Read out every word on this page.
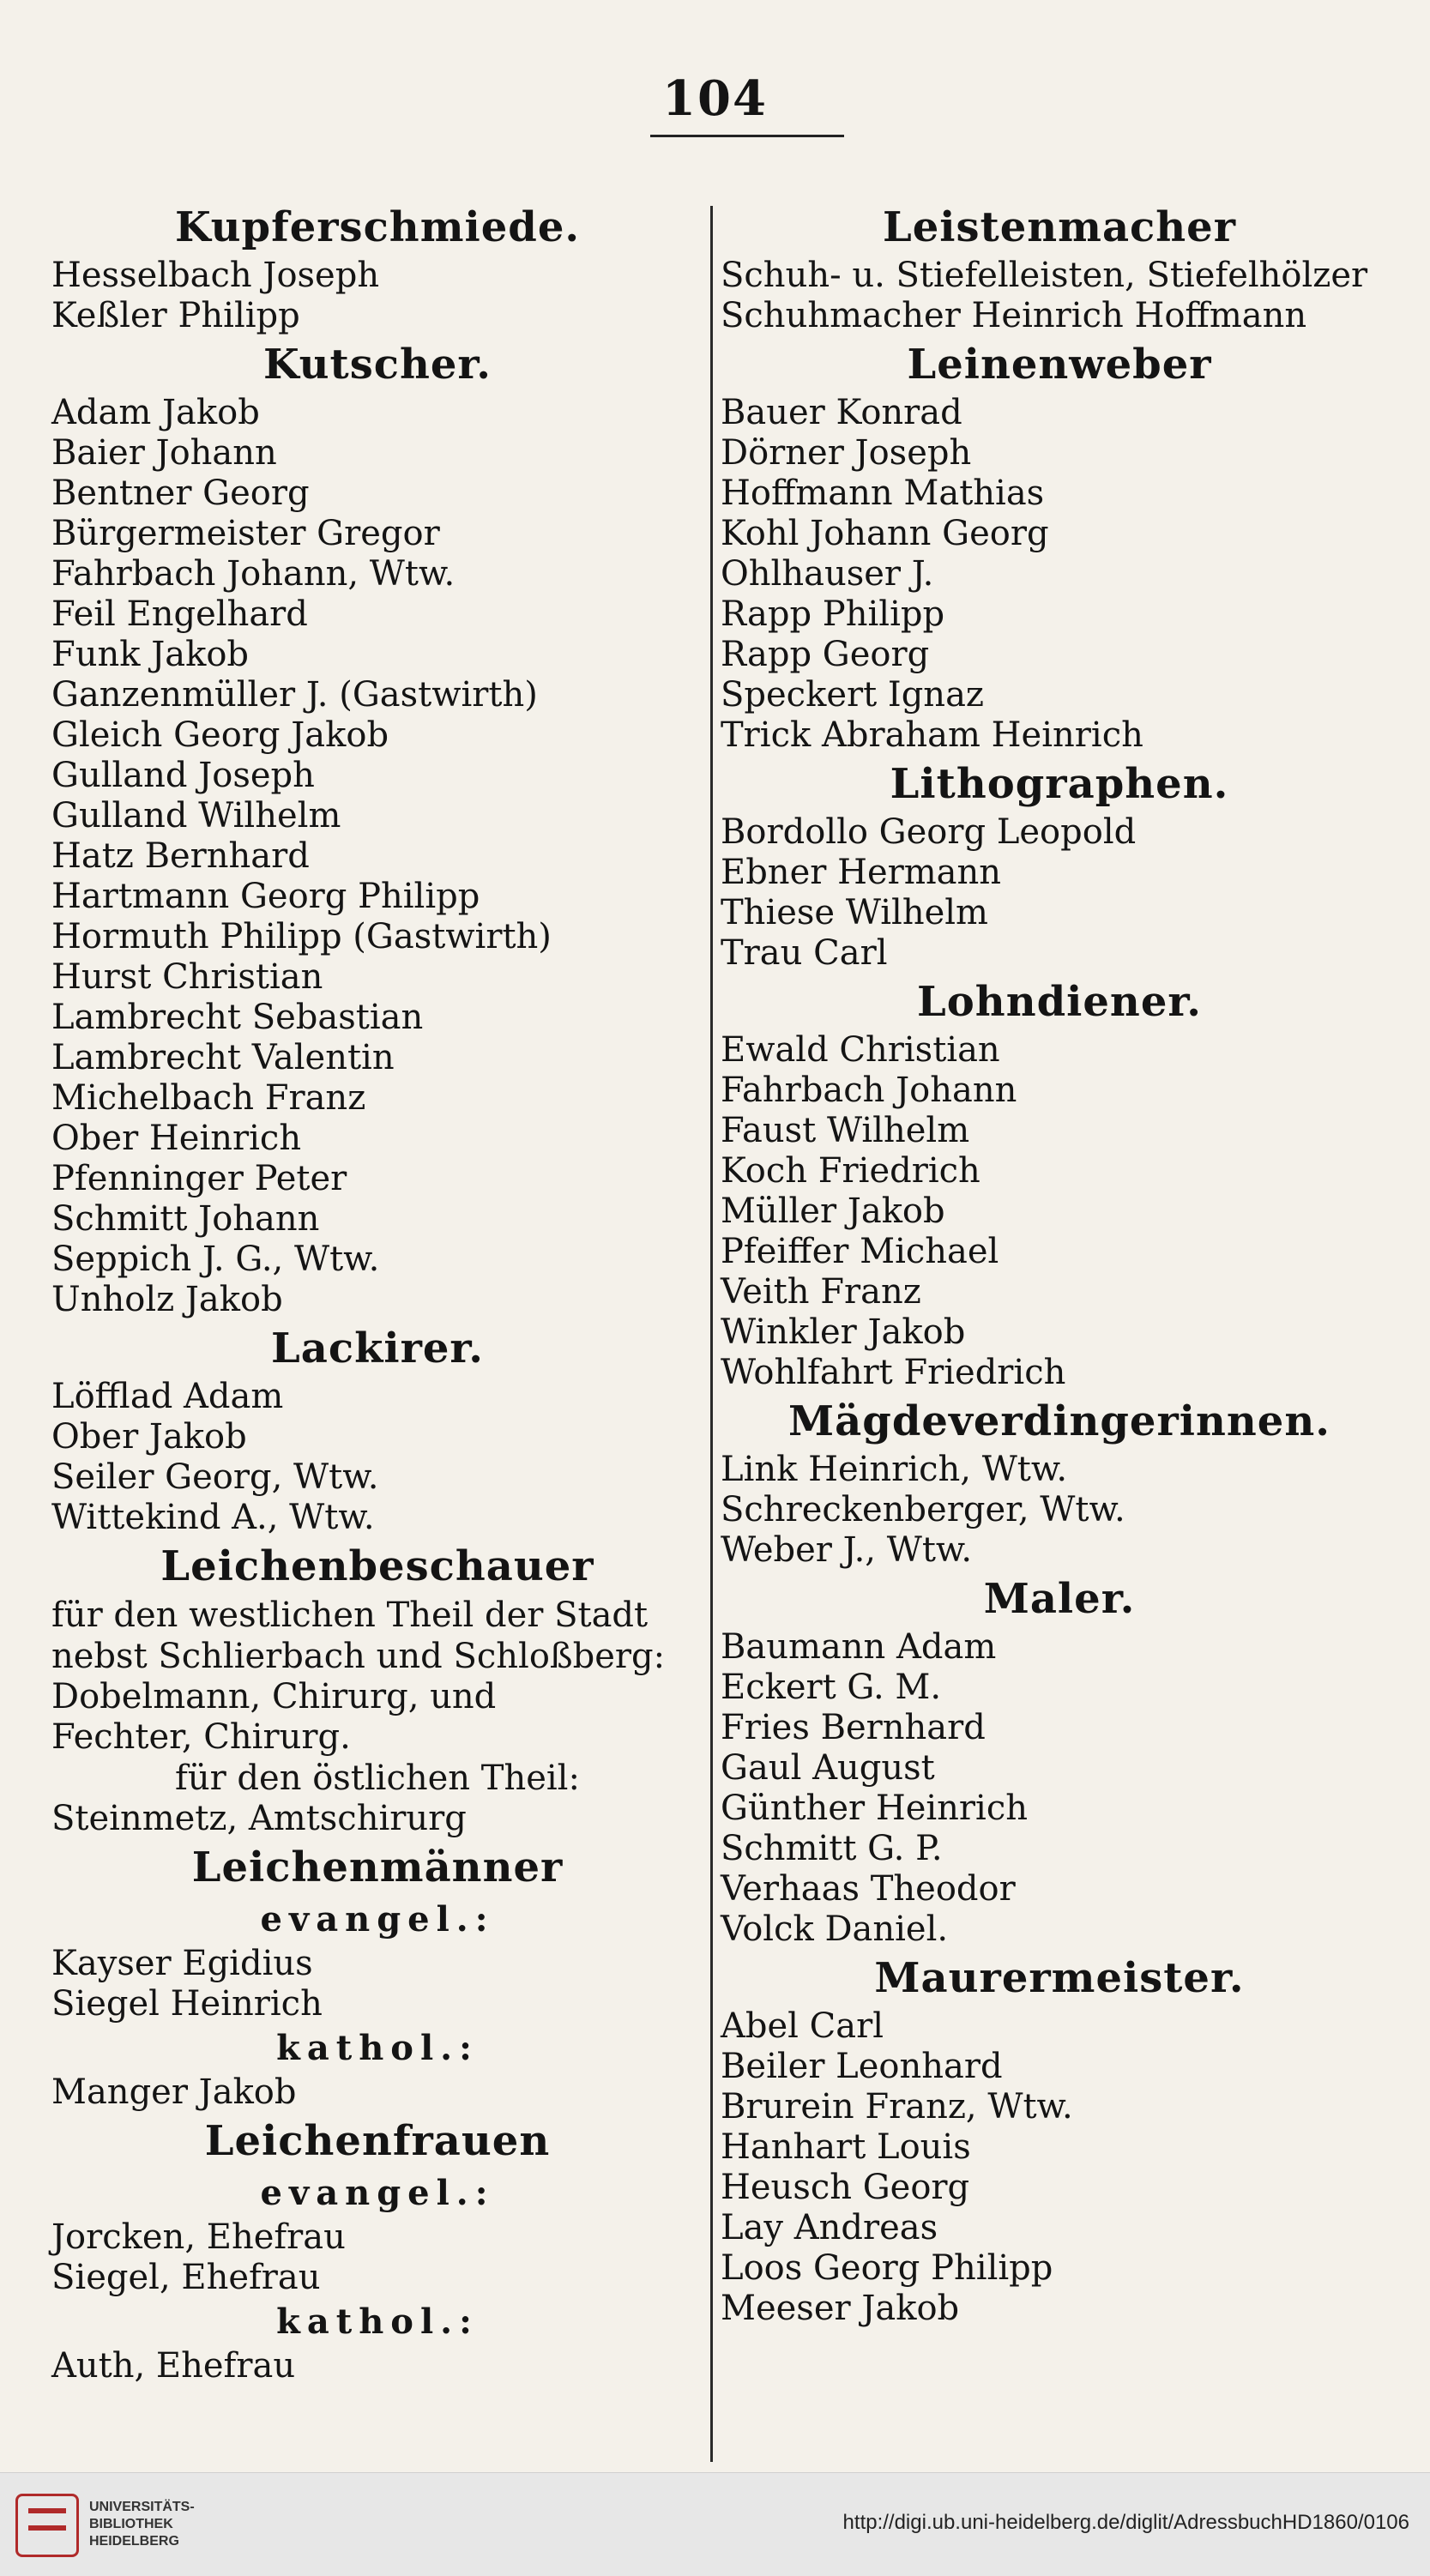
104
Kupferschmiede.
Hesselbach Joseph
Keßler Philipp
Kutscher.
Adam Jakob
Baier Johann
Bentner Georg
Bürgermeister Gregor
Fahrbach Johann, Wtw.
Feil Engelhard
Funk Jakob
Ganzenmüller J. (Gastwirth)
Gleich Georg Jakob
Gulland Joseph
Gulland Wilhelm
Hatz Bernhard
Hartmann Georg Philipp
Hormuth Philipp (Gastwirth)
Hurst Christian
Lambrecht Sebastian
Lambrecht Valentin
Michelbach Franz
Ober Heinrich
Pfenninger Peter
Schmitt Johann
Seppich J. G., Wtw.
Unholz Jakob
Lackirer.
Löfflad Adam
Ober Jakob
Seiler Georg, Wtw.
Wittekind A., Wtw.
Leichenbeschauer
für den westlichen Theil der Stadt
nebst Schlierbach und Schloßberg:
Dobelmann, Chirurg, und
Fechter, Chirurg.
für den östlichen Theil:
Steinmetz, Amtschirurg
Leichenmänner
evangel.:
Kayser Egidius
Siegel Heinrich
kathol.:
Manger Jakob
Leichenfrauen
evangel.:
Jorcken, Ehefrau
Siegel, Ehefrau
kathol.:
Auth, Ehefrau
Leistenmacher
Schuh- u. Stiefelleisten, Stiefelhölzer
Schuhmacher Heinrich Hoffmann
Leinenweber
Bauer Konrad
Dörner Joseph
Hoffmann Mathias
Kohl Johann Georg
Ohlhauser J.
Rapp Philipp
Rapp Georg
Speckert Ignaz
Trick Abraham Heinrich
Lithographen.
Bordollo Georg Leopold
Ebner Hermann
Thiese Wilhelm
Trau Carl
Lohndiener.
Ewald Christian
Fahrbach Johann
Faust Wilhelm
Koch Friedrich
Müller Jakob
Pfeiffer Michael
Veith Franz
Winkler Jakob
Wohlfahrt Friedrich
Mägdeverdingerinnen.
Link Heinrich, Wtw.
Schreckenberger, Wtw.
Weber J., Wtw.
Maler.
Baumann Adam
Eckert G. M.
Fries Bernhard
Gaul August
Günther Heinrich
Schmitt G. P.
Verhaas Theodor
Volck Daniel.
Maurermeister.
Abel Carl
Beiler Leonhard
Brurein Franz, Wtw.
Hanhart Louis
Heusch Georg
Lay Andreas
Loos Georg Philipp
Meeser Jakob
UNIVERSITÄTS-
BIBLIOTHEK
HEIDELBERG
http://digi.ub.uni-heidelberg.de/diglit/AdressbuchHD1860/0106
